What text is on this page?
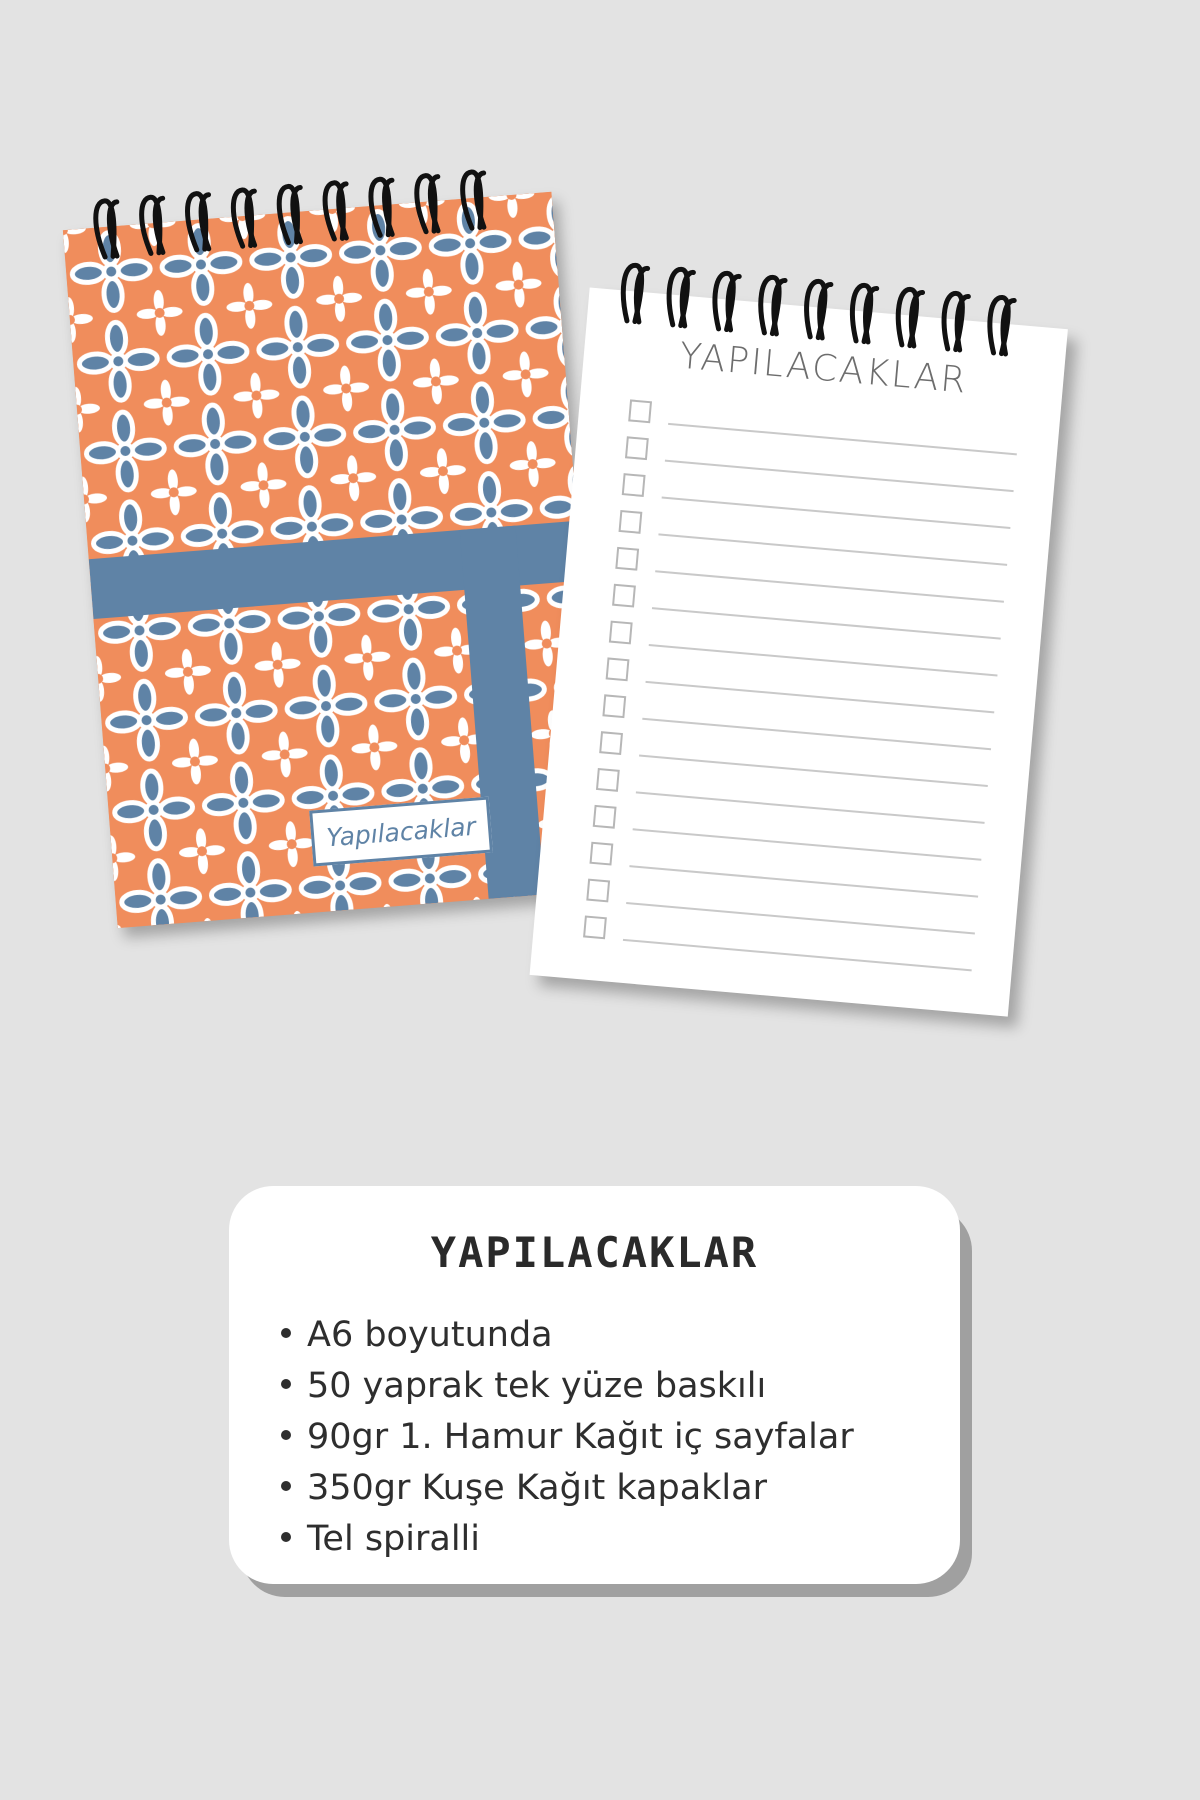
Yapılacaklar
YAPILACAKLAR
YAPILACAKLAR
A6 boyutunda
50 yaprak tek yüze baskılı
90gr 1. Hamur Kağıt iç sayfalar
350gr Kuşe Kağıt kapaklar
Tel spiralli
